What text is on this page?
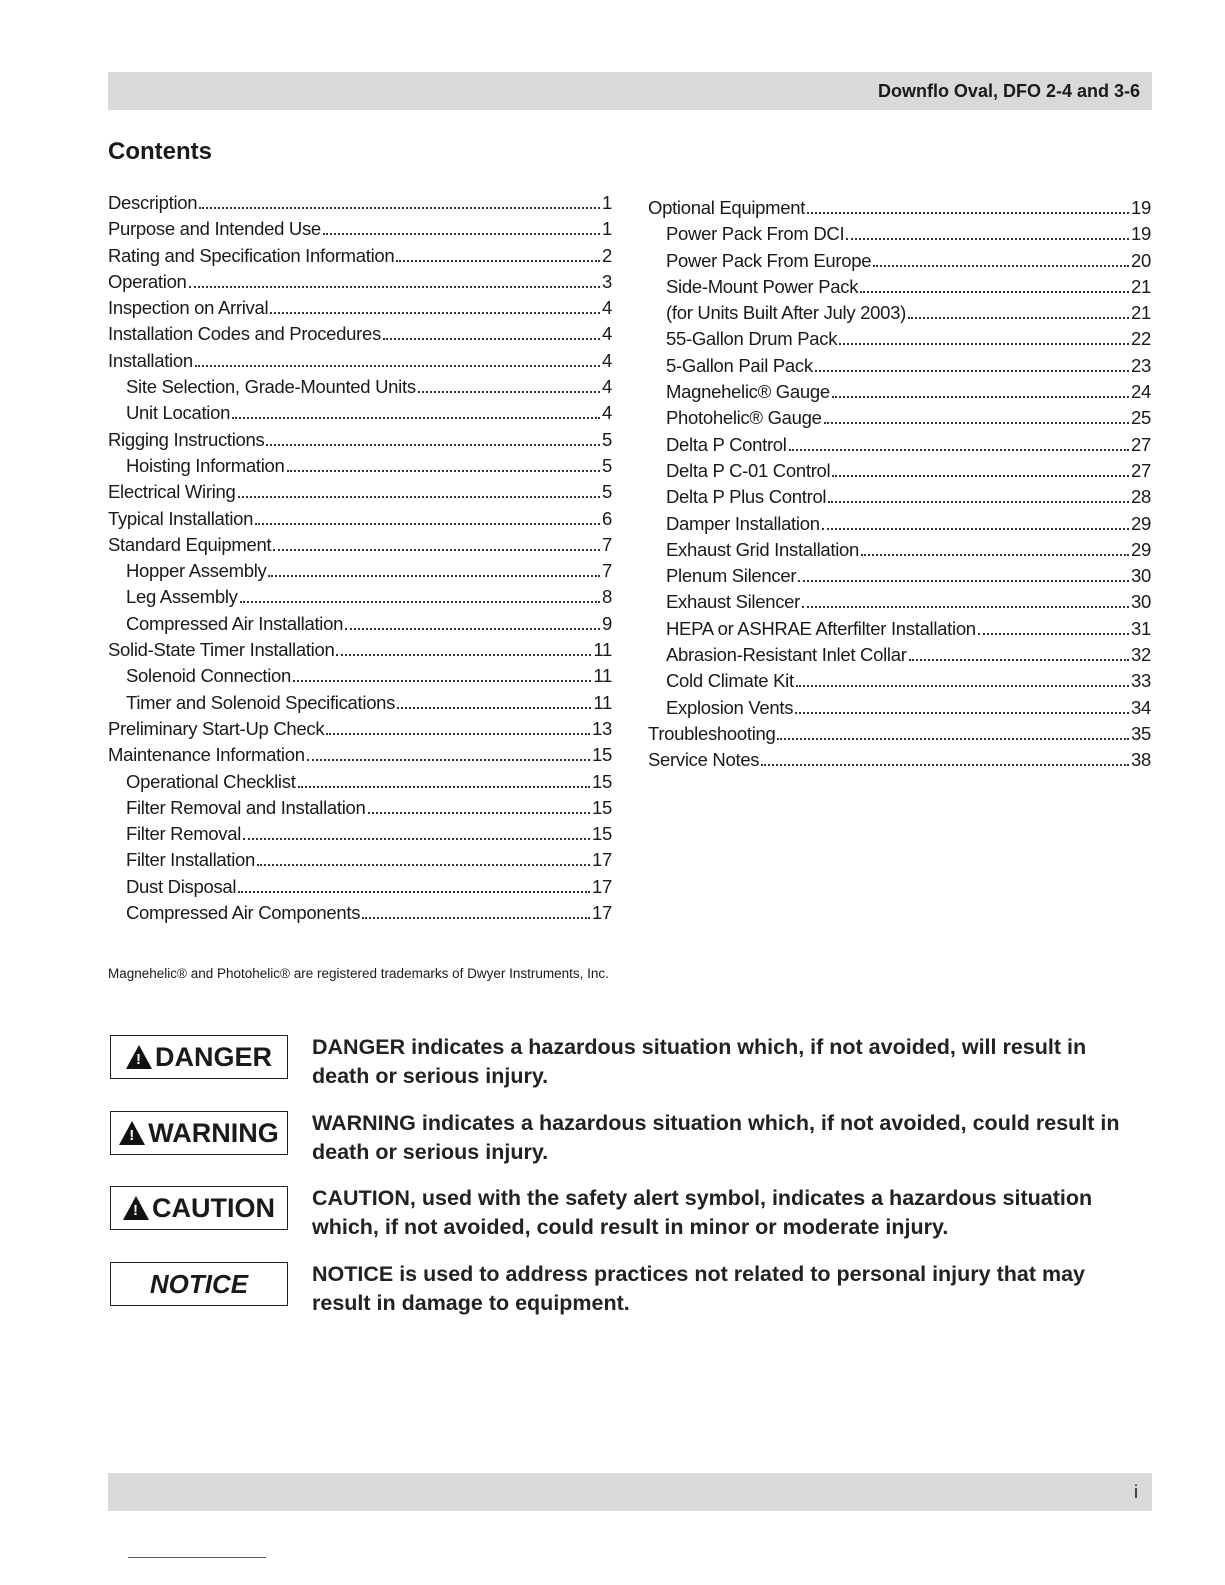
Downflo Oval, DFO 2-4 and 3-6
Contents
Description	1
Purpose and Intended Use	1
Rating and Specification Information	2
Operation	3
Inspection on Arrival	4
Installation Codes and Procedures	4
Installation	4
Site Selection, Grade-Mounted Units	4
Unit Location	4
Rigging Instructions	5
Hoisting Information	5
Electrical Wiring	5
Typical Installation	6
Standard Equipment	7
Hopper Assembly	7
Leg Assembly	8
Compressed Air Installation	9
Solid-State Timer Installation	11
Solenoid Connection	11
Timer and Solenoid Specifications	11
Preliminary Start-Up Check	13
Maintenance Information	15
Operational Checklist	15
Filter Removal and Installation	15
Filter Removal	15
Filter Installation	17
Dust Disposal	17
Compressed Air Components	17
Optional Equipment	19
Power Pack From DCI	19
Power Pack From Europe	20
Side-Mount Power Pack	21
(for Units Built After July 2003)	21
55-Gallon Drum Pack	22
5-Gallon Pail Pack	23
Magnehelic® Gauge	24
Photohelic® Gauge	25
Delta P Control	27
Delta P C-01 Control	27
Delta P Plus Control	28
Damper Installation	29
Exhaust Grid Installation	29
Plenum Silencer	30
Exhaust Silencer	30
HEPA or ASHRAE Afterfilter Installation	31
Abrasion-Resistant Inlet Collar	32
Cold Climate Kit	33
Explosion Vents	34
Troubleshooting	35
Service Notes	38
Magnehelic® and Photohelic® are registered trademarks of Dwyer Instruments, Inc.
!
DANGER DANGER indicates a hazardous situation which, if not avoided, will result in death or serious injury.
!
WARNING WARNING indicates a hazardous situation which, if not avoided, could result in death or serious injury.
!
CAUTION CAUTION, used with the safety alert symbol, indicates a hazardous situation which, if not avoided, could result in minor or moderate injury.
NOTICE	NOTICE is used to address practices not related to personal injury that may result in damage to equipment.
i
